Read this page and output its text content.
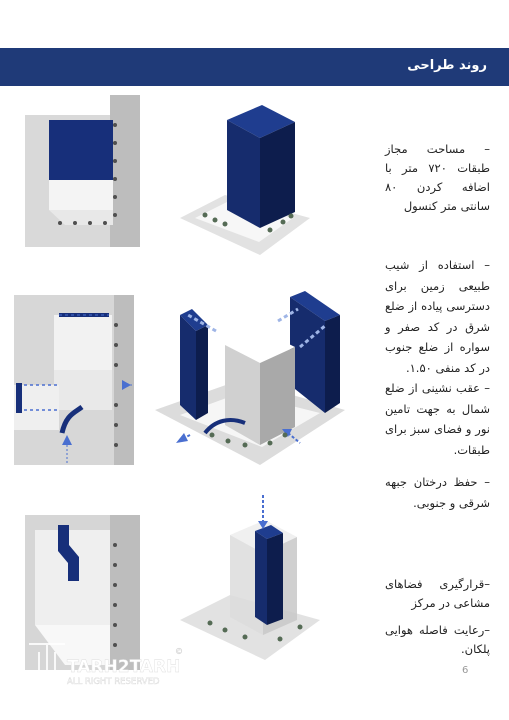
روند طراحی
– مساحت مجاز طبقات ۷۲۰ متر با اضافه کردن ۸۰ سانتی متر کنسول
– استفاده از شیب طبیعی زمین برای دسترسی پیاده از ضلع شرق در کد صفر و سواره از ضلع جنوب در کد منفی ۱.۵۰.
– عقب نشینی از ضلع شمال به جهت تامین نور و فضای سبز برای طبقات.
– حفظ درختان جبهه شرقی و جنوبی.
–قرارگیری فضاهای مشاعی در مرکز
–رعایت فاصله هوایی پلکان.
6
TARH2TARH
©
ALL RIGHT RESERVED
